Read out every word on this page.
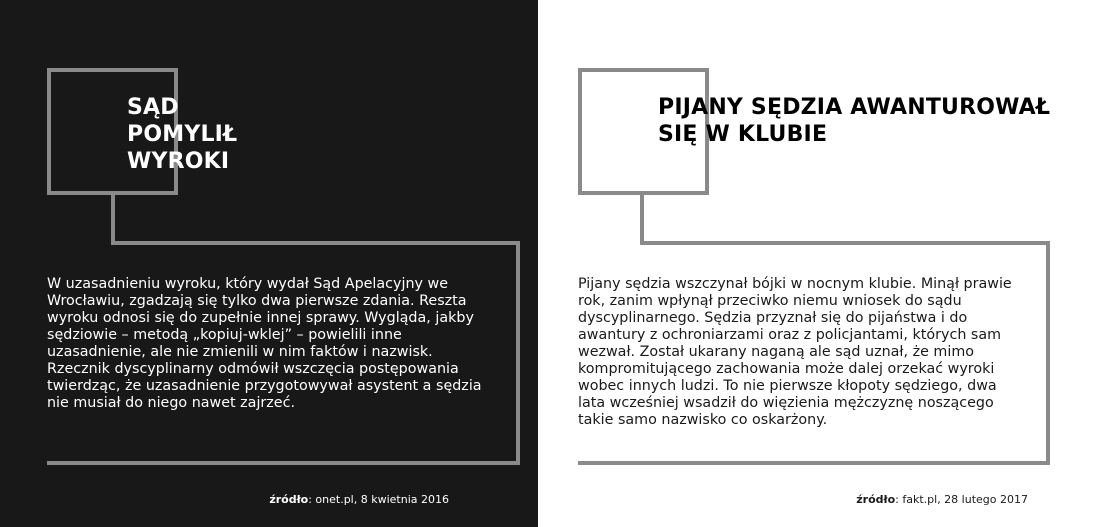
SĄD
POMYLIŁ
WYROKI

W uzasadnieniu wyroku, który wydał Sąd Apelacyjny we Wrocławiu, zgadzają się tylko dwa pierwsze zdania. Reszta wyroku odnosi się do zupełnie innej sprawy. Wygląda, jakby sędziowie – metodą „kopiuj-wklej” – powielili inne uzasadnienie, ale nie zmienili w nim faktów i nazwisk. Rzecznik dyscyplinarny odmówił wszczęcia postępowania twierdząc, że uzasadnienie przygotowywał asystent a sędzia nie musiał do niego nawet zajrzeć.

źródło: onet.pl, 8 kwietnia 2016
PIJANY SĘDZIA AWANTUROWAŁ
SIĘ W KLUBIE

Pijany sędzia wszczynał bójki w nocnym klubie. Minął prawie rok, zanim wpłynął przeciwko niemu wniosek do sądu dyscyplinarnego. Sędzia przyznał się do pijaństwa i do awantury z ochroniarzami oraz z policjantami, których sam wezwał. Został ukarany naganą ale sąd uznał, że mimo kompromitującego zachowania może dalej orzekać wyroki wobec innych ludzi. To nie pierwsze kłopoty sędziego, dwa lata wcześniej wsadził do więzienia mężczyznę noszącego takie samo nazwisko co oskarżony.

źródło: fakt.pl, 28 lutego 2017
